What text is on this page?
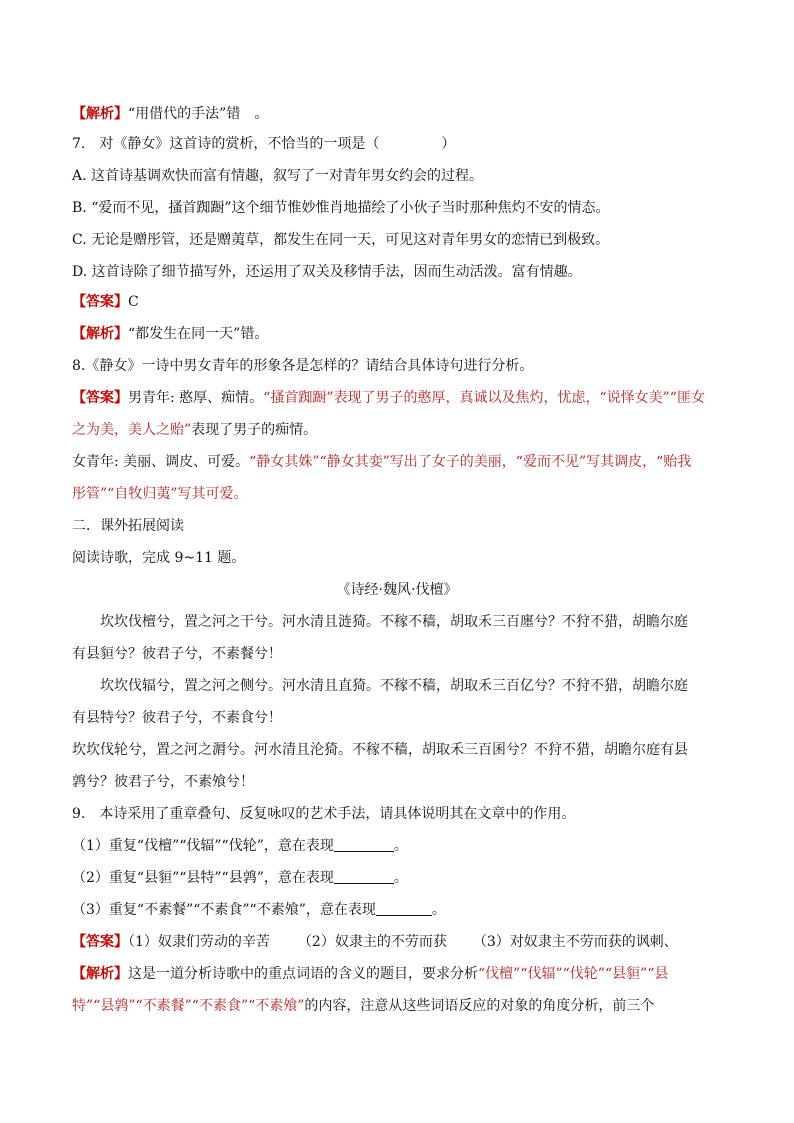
【解析】“用借代的手法”错　。
7.　对《静女》这首诗的赏析，不恰当的一项是（	）
A. 这首诗基调欢快而富有情趣，叙写了一对青年男女约会的过程。
B. “爱而不见，搔首踟蹰”这个细节惟妙惟肖地描绘了小伙子当时那种焦灼不安的情态。
C. 无论是赠彤管，还是赠荑草，都发生在同一天，可见这对青年男女的恋情已到极致。
D. 这首诗除了细节描写外，还运用了双关及移情手法，因而生动活泼。富有情趣。
【答案】C
【解析】“都发生在同一天”错。
8.《静女》一诗中男女青年的形象各是怎样的？请结合具体诗句进行分析。
【答案】男青年: 憨厚、痴情。“搔首踟蹰”表现了男子的憨厚，真诚以及焦灼，忧虑，“说怿女美”“匪女
之为美，美人之贻”表现了男子的痴情。
女青年: 美丽、调皮、可爱。“静女其姝”“静女其娈”写出了女子的美丽，“爱而不见”写其调皮，“贻我
彤管”“自牧归荑”写其可爱。
二．课外拓展阅读
阅读诗歌，完成 9~11 题。
《诗经·魏风·伐檀》
坎坎伐檀兮，置之河之干兮。河水清且涟猗。不稼不穑，胡取禾三百廛兮？不狩不猎，胡瞻尔庭
有县貆兮？彼君子兮，不素餐兮！
坎坎伐辐兮，置之河之侧兮。河水清且直猗。不稼不穑，胡取禾三百亿兮？不狩不猎，胡瞻尔庭
有县特兮？彼君子兮，不素食兮！
坎坎伐轮兮，置之河之漘兮。河水清且沦猗。不稼不穑，胡取禾三百囷兮？不狩不猎，胡瞻尔庭有县
鹑兮？彼君子兮，不素飧兮！
9.　本诗采用了重章叠句、反复咏叹的艺术手法，请具体说明其在文章中的作用。
（1）重复“伐檀”“伐辐”“伐轮”，意在表现	。
（2）重复“县貆”“县特”“县鹑”，意在表现	。
（3）重复“不素餐”“不素食”“不素飧”，意在表现	。
【答案】（1）奴隶们劳动的辛苦 （2）奴隶主的不劳而获 （3）对奴隶主不劳而获的讽刺、
【解析】这是一道分析诗歌中的重点词语的含义的题目，要求分析“伐檀”“伐辐”“伐轮”“县貆”“县
特”“县鹑”“不素餐”“不素食”“不素飧”的内容，注意从这些词语反应的对象的角度分析，前三个
